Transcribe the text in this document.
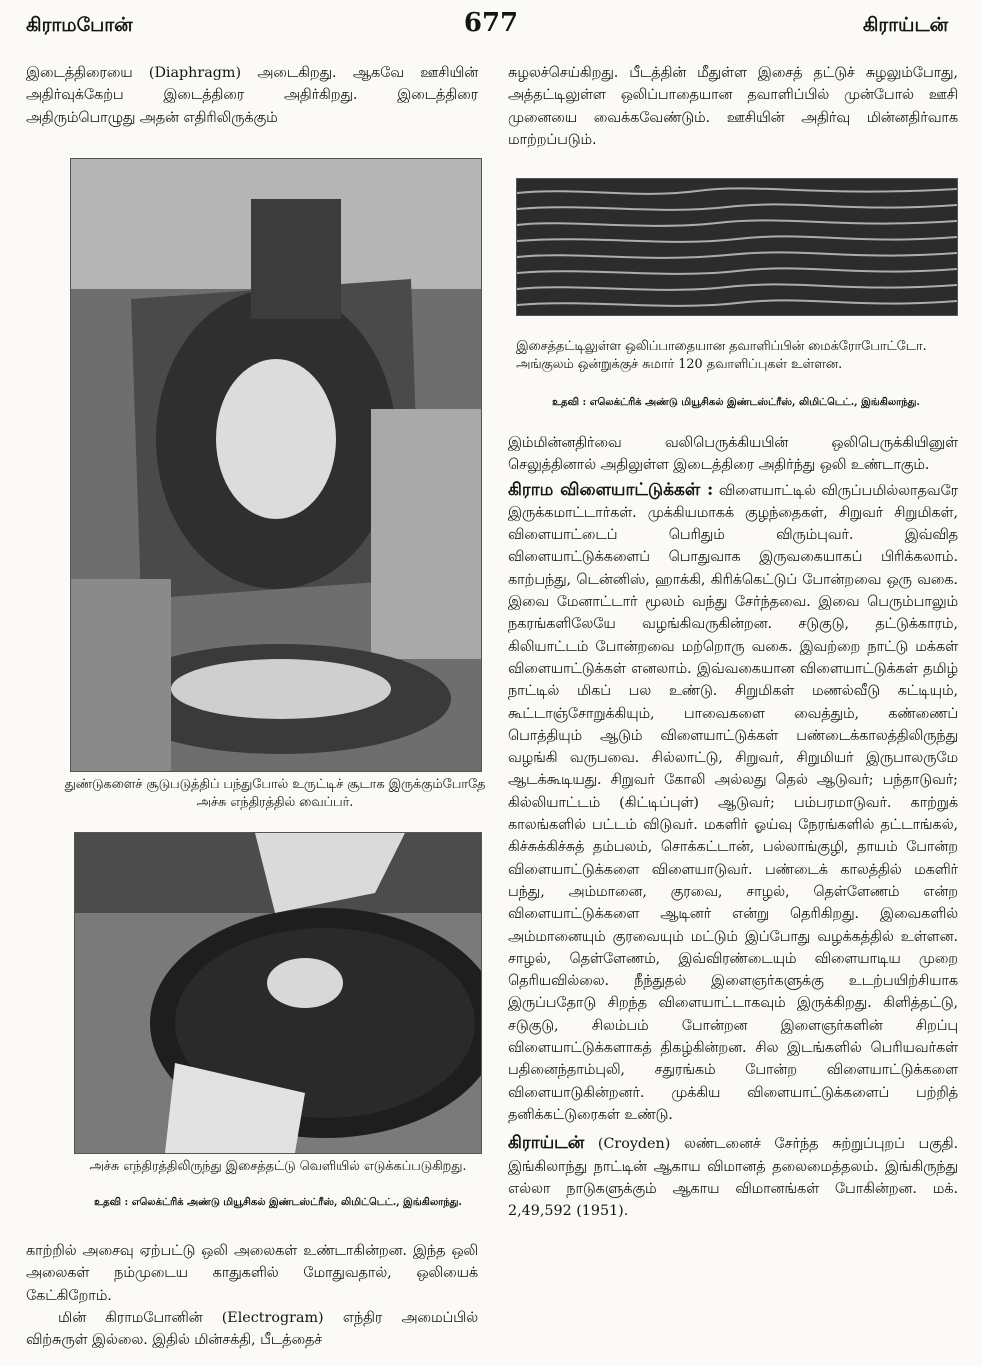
கிராமபோன்	677	கிராய்டன்

இடைத்திரையை (Diaphragm) அடைகிறது. ஆகவே ஊசியின் அதிர்வுக்கேற்ப இடைத்திரை அதிர்கிறது. இடைத்திரை அதிரும்பொழுது அதன் எதிரிலிருக்கும்

துண்டுகளைச் சூடுபடுத்திப் பந்துபோல் உருட்டிச் சூடாக இருக்கும்போதே அச்சு எந்திரத்தில் வைப்பர்.
அச்சு எந்திரத்திலிருந்து இசைத்தட்டு வெளியில் எடுக்கப்படுகிறது.
உதவி : எலெக்ட்ரிக் அண்டு மியூசிகல் இண்டஸ்ட்ரீஸ், லிமிட்டெட்., இங்கிலாந்து.

காற்றில் அசைவு ஏற்பட்டு ஒலி அலைகள் உண்டாகின்றன. இந்த ஒலி அலைகள் நம்முடைய காதுகளில் மோதுவதால், ஒலியைக் கேட்கிறோம்.

மின் கிராமபோனின் (Electrogram) எந்திர அமைப்பில் விற்சுருள் இல்லை. இதில் மின்சக்தி, பீடத்தைச்

சுழலச்செய்கிறது. பீடத்தின் மீதுள்ள இசைத் தட்டுச் சுழலும்போது, அத்தட்டிலுள்ள ஒலிப்பாதையான தவாளிப்பில் முன்போல் ஊசி முனையை வைக்கவேண்டும். ஊசியின் அதிர்வு மின்னதிர்வாக மாற்றப்படும்.

இசைத்தட்டிலுள்ள ஒலிப்பாதையான தவாளிப்பின் மைக்ரோபோட்டோ. அங்குலம் ஒன்றுக்குச் சுமார் 120 தவாளிப்புகள் உள்ளன.
உதவி : எலெக்ட்ரிக் அண்டு மியூசிகல் இண்டஸ்ட்ரீஸ், லிமிட்டெட்., இங்கிலாந்து.

இம்மின்னதிர்வை வலிபெருக்கியபின் ஒலிபெருக்கியினுள் செலுத்தினால் அதிலுள்ள இடைத்திரை அதிர்ந்து ஒலி உண்டாகும்.

கிராம விளையாட்டுக்கள் : விளையாட்டில் விருப்பமில்லாதவரே இருக்கமாட்டார்கள். முக்கியமாகக் குழந்தைகள், சிறுவர் சிறுமிகள், விளையாட்டைப் பெரிதும் விரும்புவர். இவ்வித விளையாட்டுக்களைப் பொதுவாக இருவகையாகப் பிரிக்கலாம். காற்பந்து, டென்னிஸ், ஹாக்கி, கிரிக்கெட்டுப் போன்றவை ஒரு வகை. இவை மேனாட்டார் மூலம் வந்து சேர்ந்தவை. இவை பெரும்பாலும் நகரங்களிலேயே வழங்கிவருகின்றன. சடுகுடு, தட்டுக்காரம், கிலியாட்டம் போன்றவை மற்றொரு வகை. இவற்றை நாட்டு மக்கள் விளையாட்டுக்கள் எனலாம். இவ்வகையான விளையாட்டுக்கள் தமிழ் நாட்டில் மிகப் பல உண்டு. சிறுமிகள் மணல்வீடு கட்டியும், கூட்டாஞ்சோறுக்கியும், பாவைகளை வைத்தும், கண்ணைப் பொத்தியும் ஆடும் விளையாட்டுக்கள் பண்டைக்காலத்திலிருந்து வழங்கி வருபவை. சில்லாட்டு, சிறுவர், சிறுமியர் இருபாலருமே ஆடக்கூடியது. சிறுவர் கோலி அல்லது தெல் ஆடுவர்; பந்தாடுவர்; கில்லியாட்டம் (கிட்டிப்புள்) ஆடுவர்; பம்பரமாடுவர். காற்றுக் காலங்களில் பட்டம் விடுவர். மகளிர் ஓய்வு நேரங்களில் தட்டாங்கல், கிச்சுக்கிச்சுத் தம்பலம், சொக்கட்டான், பல்லாங்குழி, தாயம் போன்ற விளையாட்டுக்களை விளையாடுவர். பண்டைக் காலத்தில் மகளிர் பந்து, அம்மானை, குரவை, சாழல், தெள்ளேணம் என்ற விளையாட்டுக்களை ஆடினர் என்று தெரிகிறது. இவைகளில் அம்மானையும் குரவையும் மட்டும் இப்போது வழக்கத்தில் உள்ளன. சாழல், தெள்ளேணம், இவ்விரண்டையும் விளையாடிய முறை தெரியவில்லை. நீந்துதல் இளைஞர்களுக்கு உடற்பயிற்சியாக இருப்பதோடு சிறந்த விளையாட்டாகவும் இருக்கிறது. கிளித்தட்டு, சடுகுடு, சிலம்பம் போன்றன இளைஞர்களின் சிறப்பு விளையாட்டுக்களாகத் திகழ்கின்றன. சில இடங்களில் பெரியவர்கள் பதினைந்தாம்புலி, சதுரங்கம் போன்ற விளையாட்டுக்களை விளையாடுகின்றனர். முக்கிய விளையாட்டுக்களைப் பற்றித் தனிக்கட்டுரைகள் உண்டு.

கிராய்டன் (Croyden) லண்டனைச் சேர்ந்த சுற்றுப்புறப் பகுதி. இங்கிலாந்து நாட்டின் ஆகாய விமானத் தலைமைத்தலம். இங்கிருந்து எல்லா நாடுகளுக்கும் ஆகாய விமானங்கள் போகின்றன. மக். 2,49,592 (1951).
